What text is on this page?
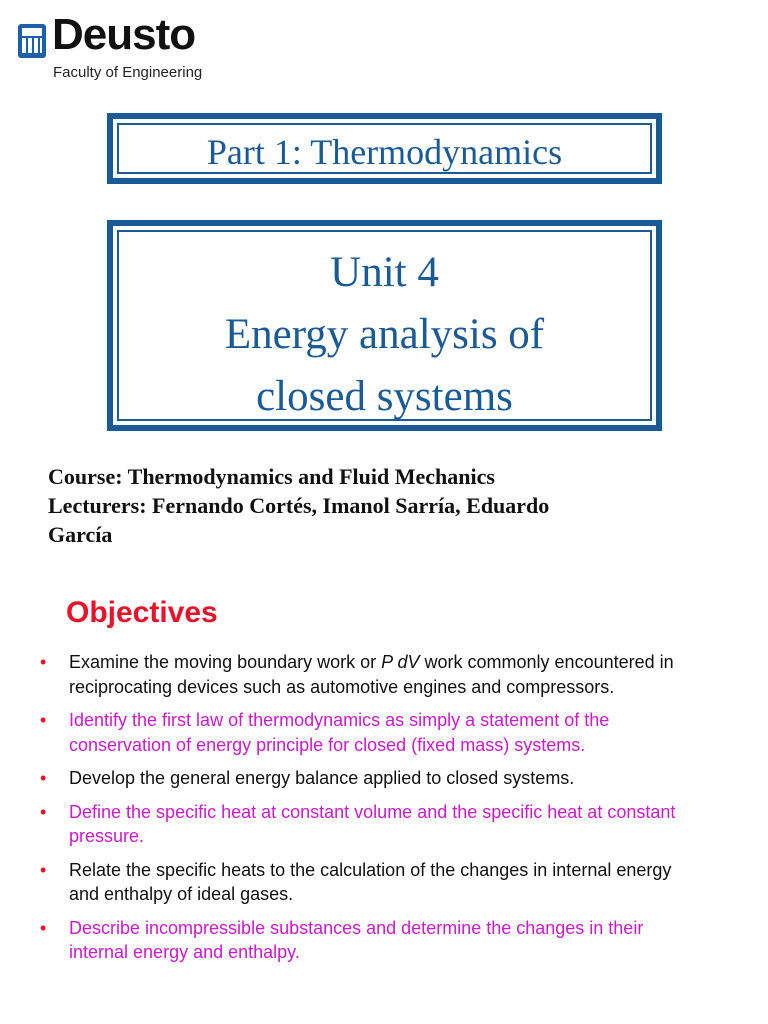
Deusto
Faculty of Engineering
Part 1: Thermodynamics
Unit 4
Energy analysis of
closed systems
Course: Thermodynamics and Fluid Mechanics
Lecturers: Fernando Cortés, Imanol Sarría, Eduardo
García
Objectives
• Examine the moving boundary work or P dV work commonly encountered in reciprocating devices such as automotive engines and compressors.
• Identify the first law of thermodynamics as simply a statement of the conservation of energy principle for closed (fixed mass) systems.
• Develop the general energy balance applied to closed systems.
• Define the specific heat at constant volume and the specific heat at constant pressure.
• Relate the specific heats to the calculation of the changes in internal energy and enthalpy of ideal gases.
• Describe incompressible substances and determine the changes in their internal energy and enthalpy.
